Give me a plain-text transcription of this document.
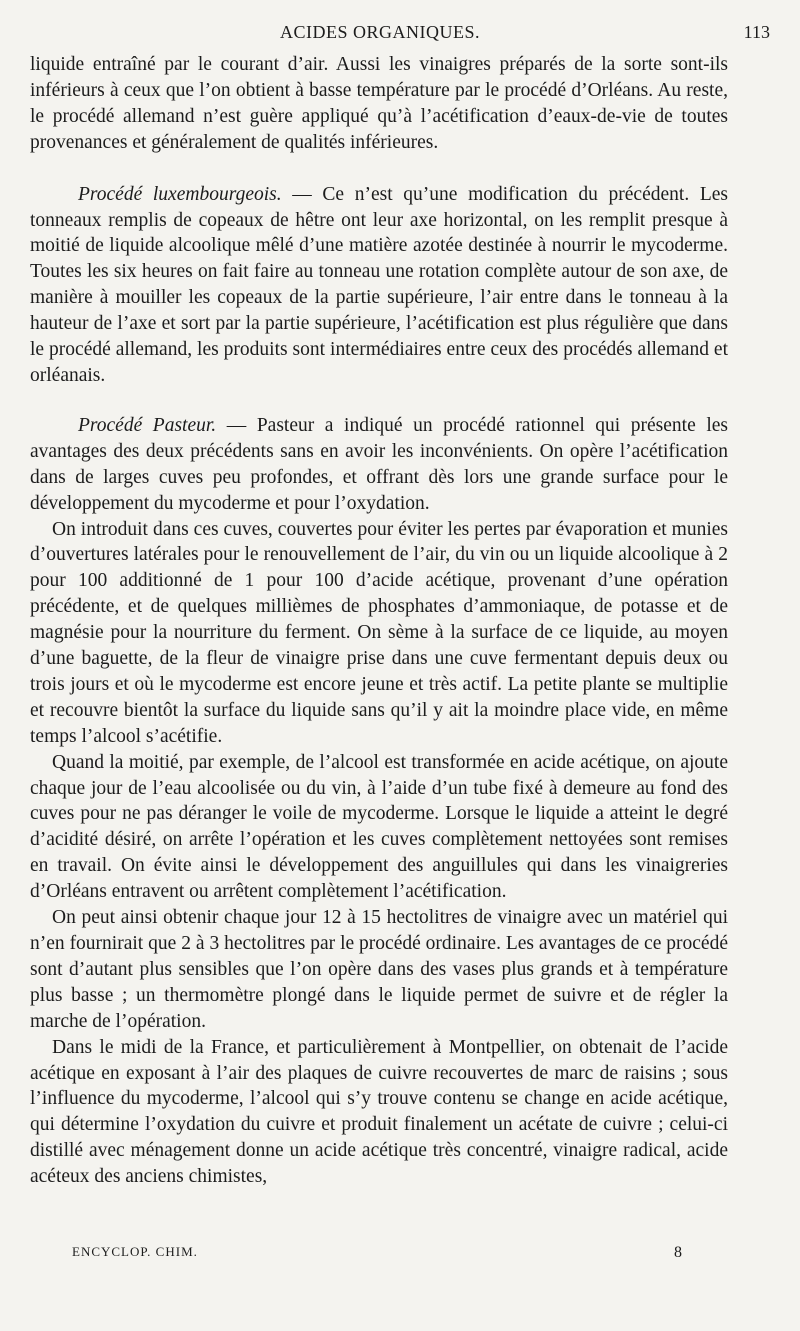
ACIDES ORGANIQUES.	113

liquide entraîné par le courant d’air. Aussi les vinaigres préparés de la sorte sont-ils inférieurs à ceux que l’on obtient à basse température par le procédé d’Orléans. Au reste, le procédé allemand n’est guère appliqué qu’à l’acétification d’eaux-de-vie de toutes provenances et généralement de qualités inférieures.

Procédé luxembourgeois. — Ce n’est qu’une modification du précédent. Les tonneaux remplis de copeaux de hêtre ont leur axe horizontal, on les remplit presque à moitié de liquide alcoolique mêlé d’une matière azotée destinée à nourrir le mycoderme. Toutes les six heures on fait faire au tonneau une rotation complète autour de son axe, de manière à mouiller les copeaux de la partie supérieure, l’air entre dans le tonneau à la hauteur de l’axe et sort par la partie supérieure, l’acétification est plus régulière que dans le procédé allemand, les produits sont intermédiaires entre ceux des procédés allemand et orléanais.

Procédé Pasteur. — Pasteur a indiqué un procédé rationnel qui présente les avantages des deux précédents sans en avoir les inconvénients. On opère l’acétification dans de larges cuves peu profondes, et offrant dès lors une grande surface pour le développement du mycoderme et pour l’oxydation.

On introduit dans ces cuves, couvertes pour éviter les pertes par évaporation et munies d’ouvertures latérales pour le renouvellement de l’air, du vin ou un liquide alcoolique à 2 pour 100 additionné de 1 pour 100 d’acide acétique, provenant d’une opération précédente, et de quelques millièmes de phosphates d’ammoniaque, de potasse et de magnésie pour la nourriture du ferment. On sème à la surface de ce liquide, au moyen d’une baguette, de la fleur de vinaigre prise dans une cuve fermentant depuis deux ou trois jours et où le mycoderme est encore jeune et très actif. La petite plante se multiplie et recouvre bientôt la surface du liquide sans qu’il y ait la moindre place vide, en même temps l’alcool s’acétifie.

Quand la moitié, par exemple, de l’alcool est transformée en acide acétique, on ajoute chaque jour de l’eau alcoolisée ou du vin, à l’aide d’un tube fixé à demeure au fond des cuves pour ne pas déranger le voile de mycoderme. Lorsque le liquide a atteint le degré d’acidité désiré, on arrête l’opération et les cuves complètement nettoyées sont remises en travail. On évite ainsi le développement des anguillules qui dans les vinaigreries d’Orléans entravent ou arrêtent complètement l’acétification.

On peut ainsi obtenir chaque jour 12 à 15 hectolitres de vinaigre avec un matériel qui n’en fournirait que 2 à 3 hectolitres par le procédé ordinaire. Les avantages de ce procédé sont d’autant plus sensibles que l’on opère dans des vases plus grands et à température plus basse ; un thermomètre plongé dans le liquide permet de suivre et de régler la marche de l’opération.

Dans le midi de la France, et particulièrement à Montpellier, on obtenait de l’acide acétique en exposant à l’air des plaques de cuivre recouvertes de marc de raisins ; sous l’influence du mycoderme, l’alcool qui s’y trouve contenu se change en acide acétique, qui détermine l’oxydation du cuivre et produit finalement un acétate de cuivre ; celui-ci distillé avec ménagement donne un acide acétique très concentré, vinaigre radical, acide acéteux des anciens chimistes,

ENCYCLOP. CHIM.	8
